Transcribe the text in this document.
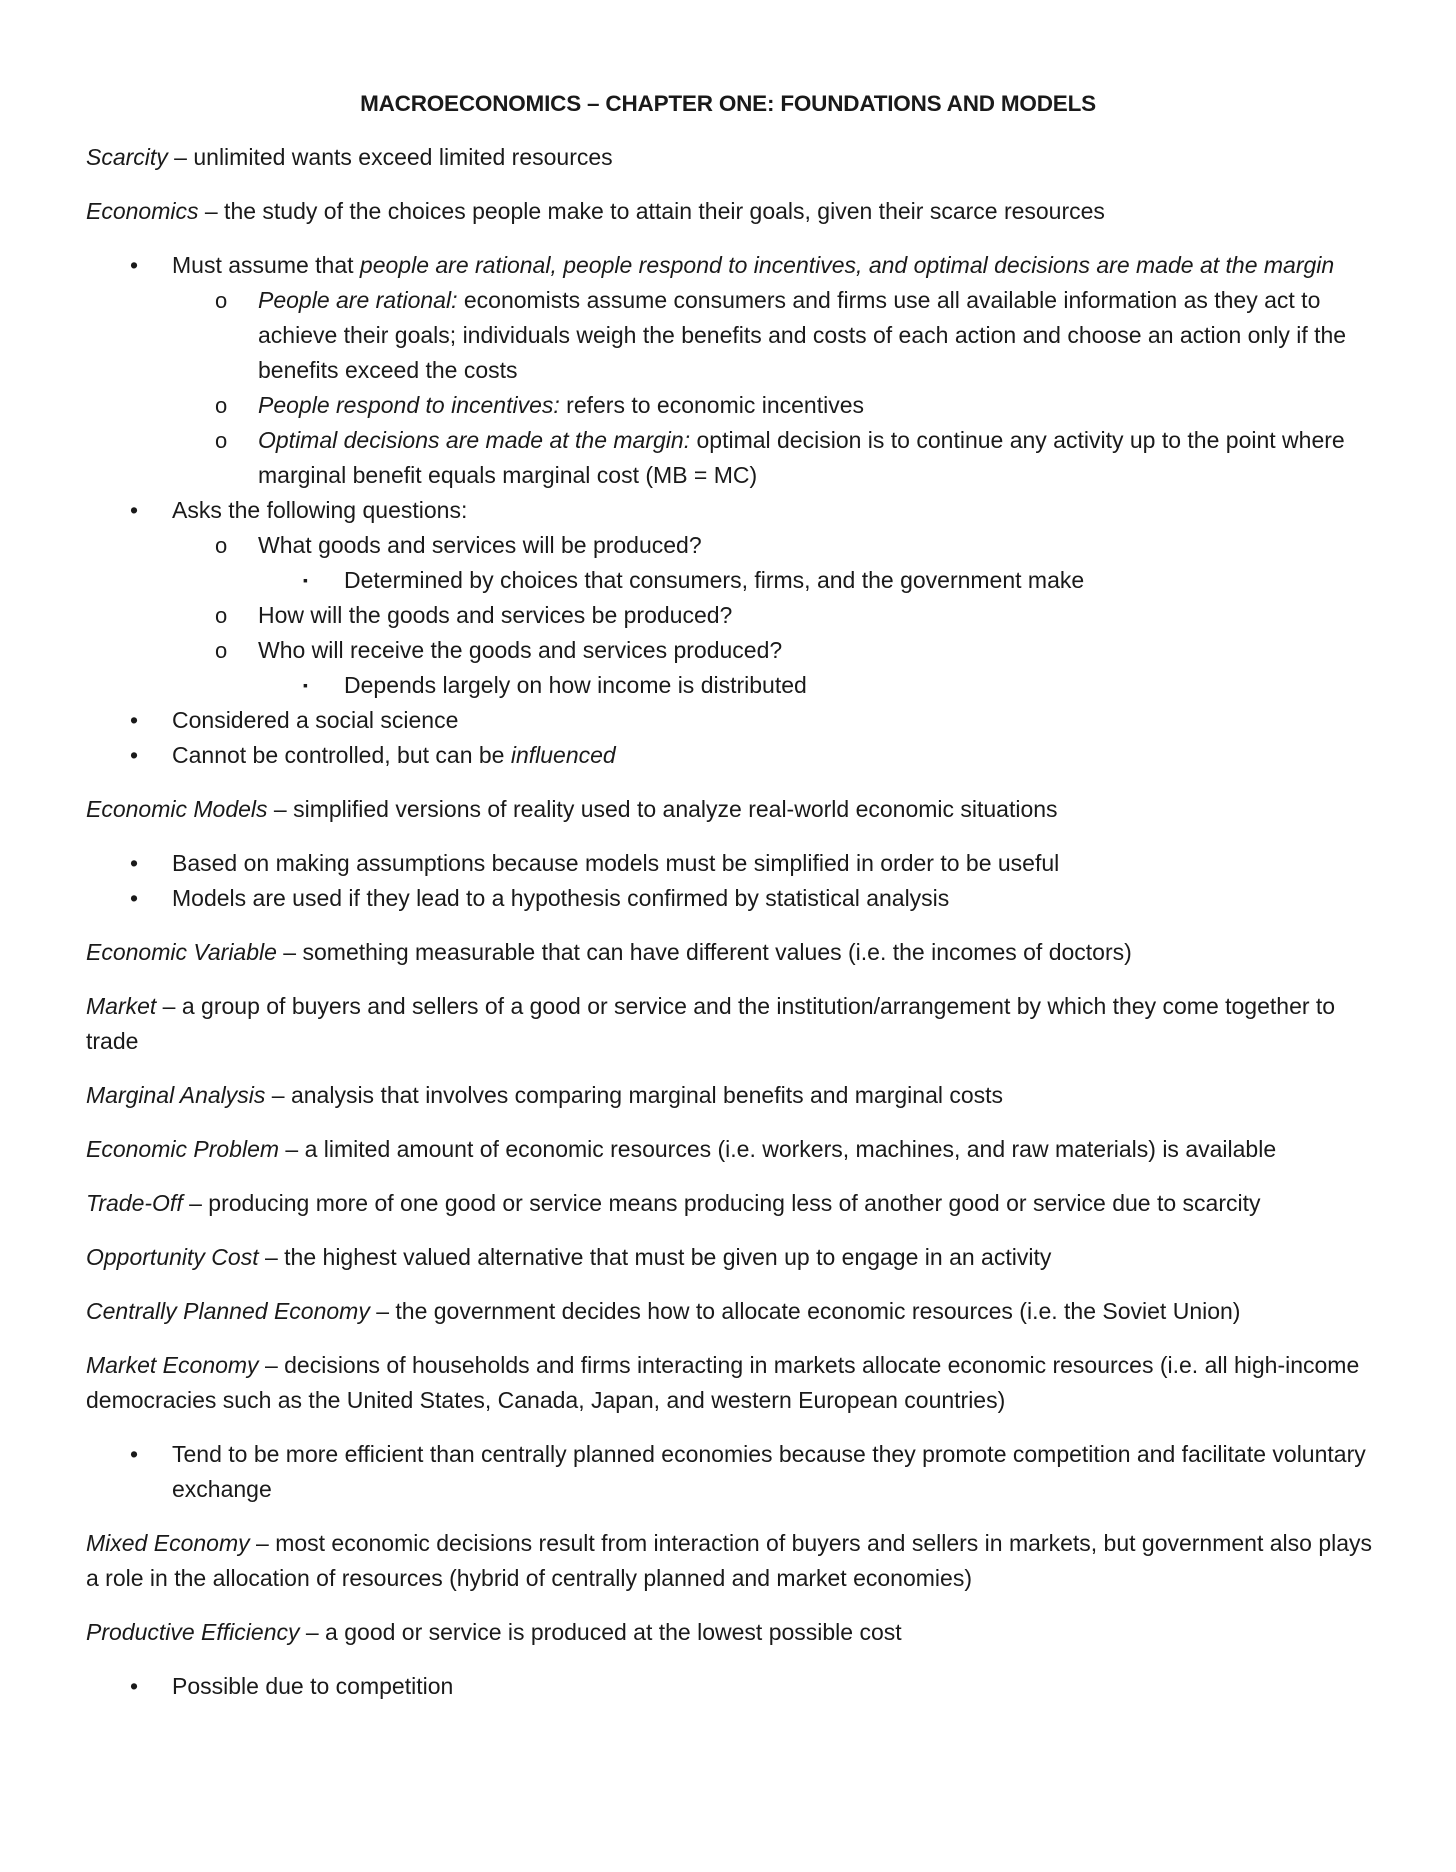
MACROECONOMICS – CHAPTER ONE: FOUNDATIONS AND MODELS

Scarcity – unlimited wants exceed limited resources

Economics – the study of the choices people make to attain their goals, given their scarce resources

• Must assume that people are rational, people respond to incentives, and optimal decisions are made at the margin
o People are rational: economists assume consumers and firms use all available information as they act to achieve their goals; individuals weigh the benefits and costs of each action and choose an action only if the benefits exceed the costs
o People respond to incentives: refers to economic incentives
o Optimal decisions are made at the margin: optimal decision is to continue any activity up to the point where marginal benefit equals marginal cost (MB = MC)
• Asks the following questions:
o What goods and services will be produced?
▪ Determined by choices that consumers, firms, and the government make
o How will the goods and services be produced?
o Who will receive the goods and services produced?
▪ Depends largely on how income is distributed
• Considered a social science
• Cannot be controlled, but can be influenced

Economic Models – simplified versions of reality used to analyze real-world economic situations

• Based on making assumptions because models must be simplified in order to be useful
• Models are used if they lead to a hypothesis confirmed by statistical analysis

Economic Variable – something measurable that can have different values (i.e. the incomes of doctors)

Market – a group of buyers and sellers of a good or service and the institution/arrangement by which they come together to trade

Marginal Analysis – analysis that involves comparing marginal benefits and marginal costs

Economic Problem – a limited amount of economic resources (i.e. workers, machines, and raw materials) is available

Trade-Off – producing more of one good or service means producing less of another good or service due to scarcity

Opportunity Cost – the highest valued alternative that must be given up to engage in an activity

Centrally Planned Economy – the government decides how to allocate economic resources (i.e. the Soviet Union)

Market Economy – decisions of households and firms interacting in markets allocate economic resources (i.e. all high-income democracies such as the United States, Canada, Japan, and western European countries)

• Tend to be more efficient than centrally planned economies because they promote competition and facilitate voluntary exchange

Mixed Economy – most economic decisions result from interaction of buyers and sellers in markets, but government also plays a role in the allocation of resources (hybrid of centrally planned and market economies)

Productive Efficiency – a good or service is produced at the lowest possible cost

• Possible due to competition
